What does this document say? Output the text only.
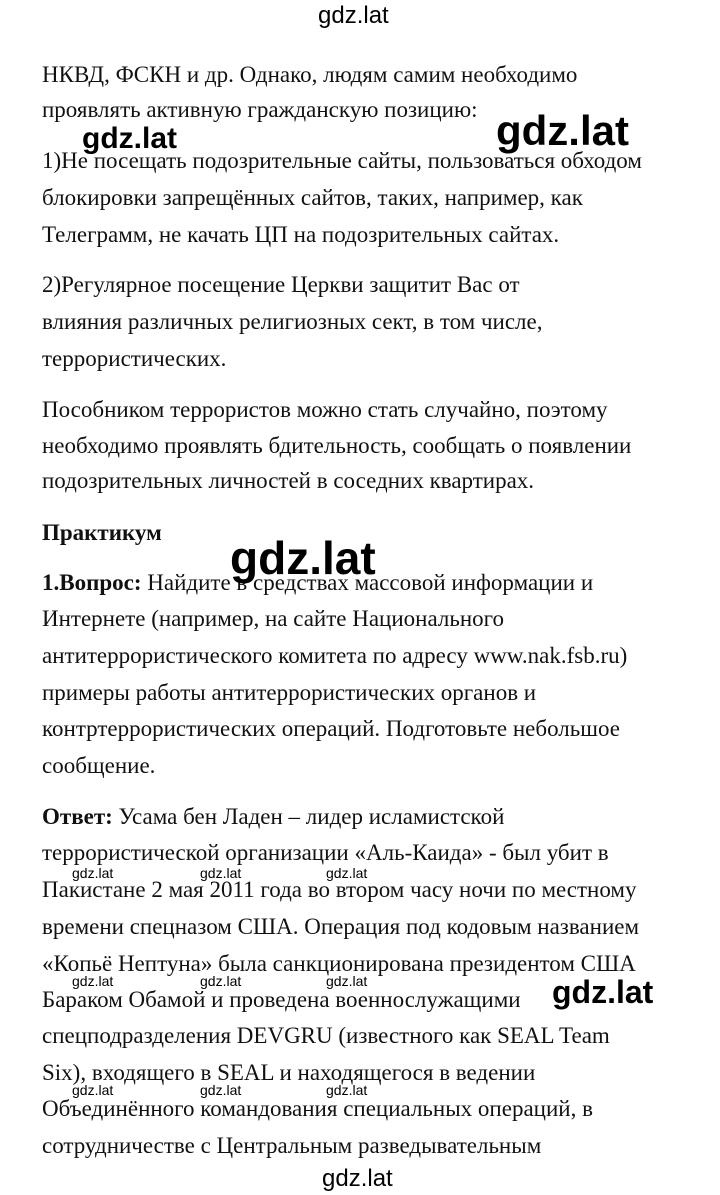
НКВД, ФСКН и др. Однако, людям самим необходимо
проявлять активную гражданскую позицию:
1)Не посещать подозрительные сайты, пользоваться обходом
блокировки запрещённых сайтов, таких, например, как
Телеграмм, не качать ЦП на подозрительных сайтах.
2)Регулярное посещение Церкви защитит Вас от
влияния различных религиозных сект, в том числе,
террористических.
Пособником террористов можно стать случайно, поэтому
необходимо проявлять бдительность, сообщать о появлении
подозрительных личностей в соседних квартирах.
Практикум
1.Вопрос: Найдите в средствах массовой информации и
Интернете (например, на сайте Национального
антитеррористического комитета по адресу www.nak.fsb.ru)
примеры работы антитеррористических органов и
контртеррористических операций. Подготовьте небольшое
сообщение.
Ответ: Усама бен Ладен – лидер исламистской
террористической организации «Аль-Каида» - был убит в
Пакистане 2 мая 2011 года во втором часу ночи по местному
времени спецназом США. Операция под кодовым названием
«Копьё Нептуна» была санкционирована президентом США
Бараком Обамой и проведена военнослужащими
спецподразделения DEVGRU (известного как SEAL Team
Six), входящего в SEAL и находящегося в ведении
Объединённого командования специальных операций, в
сотрудничестве с Центральным разведывательным
gdz.lat
gdz.lat
gdz.lat
gdz.lat
gdz.lat	gdz.lat	gdz.lat
gdz.lat	gdz.lat	gdz.lat	gdz.lat
gdz.lat	gdz.lat	gdz.lat
gdz.lat
